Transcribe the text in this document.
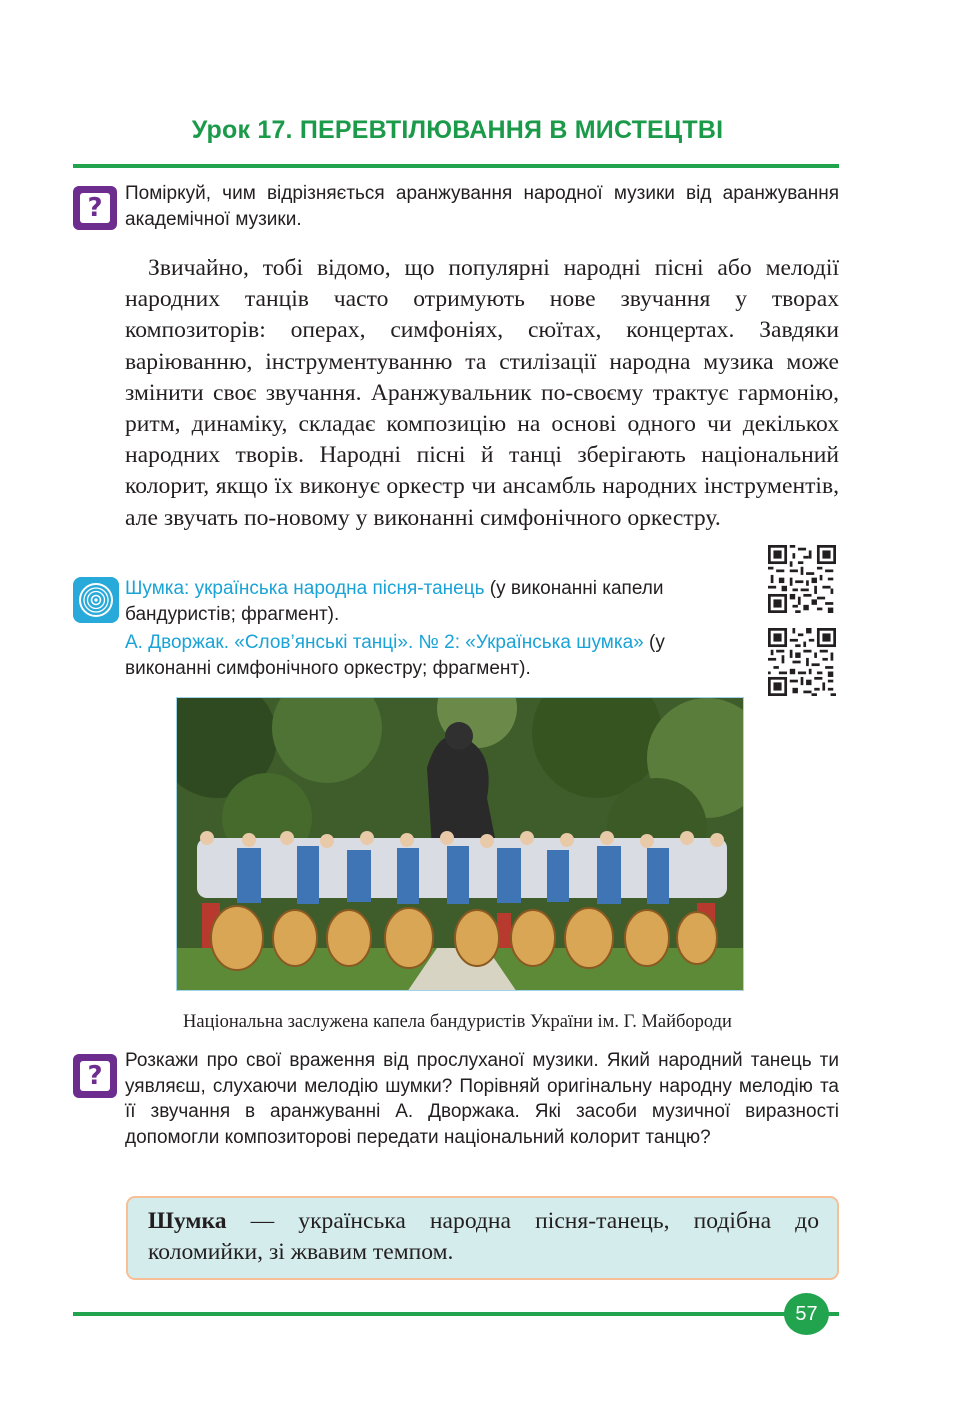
Урок 17. ПЕРЕВТІЛЮВАННЯ В МИСТЕЦТВІ
?	Поміркуй, чим відрізняється аранжування народної музики від аранжування академічної музики.
Звичайно, тобі відомо, що популярні народні пісні або мелодії народних танців часто отримують нове звучання у творах композиторів: операх, симфоніях, сюїтах, концертах. Завдяки варіюванню, інструментуванню та стилізації народна музика може змінити своє звучання. Аранжувальник по-своєму трактує гармонію, ритм, динаміку, складає композицію на основі одного чи декількох народних творів. Народні пісні й танці зберігають національний колорит, якщо їх виконує оркестр чи ансамбль народних інструментів, але звучать по-новому у виконанні симфонічного оркестру.
Шумка: українська народна пісня-танець (у виконанні капели бандуристів; фрагмент).
А. Дворжак. «Слов’янські танці». № 2: «Українська шумка» (у виконанні симфонічного оркестру; фрагмент).
Національна заслужена капела бандуристів України ім. Г. Майбороди
?
Розкажи про свої враження від прослуханої музики. Який народний танець ти уявляєш, слухаючи мелодію шумки? Порівняй оригінальну народну мелодію та її звучання в аранжуванні А. Дворжака. Які засоби музичної виразності допомогли композиторові передати національний колорит танцю?
Шумка — українська народна пісня-танець, подібна до коломийки, зі жвавим темпом.
57
